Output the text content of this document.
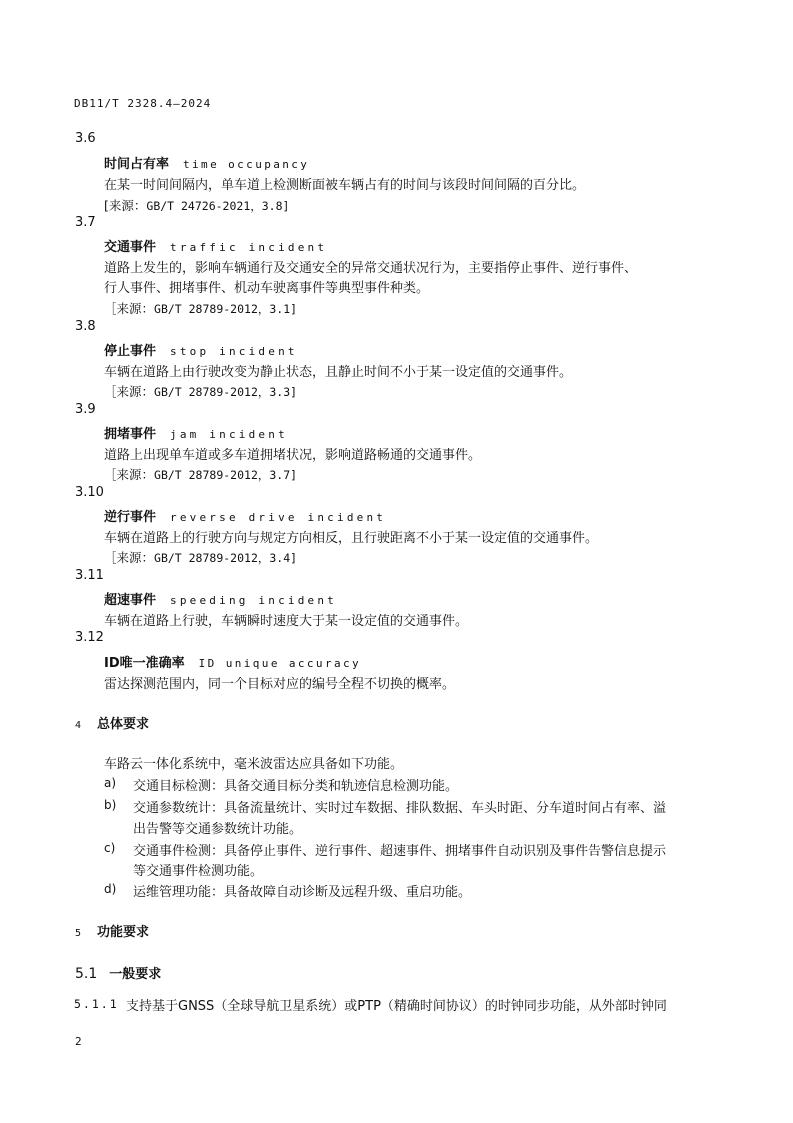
DB11/T 2328.4—2024
3.6
时间占有率 time occupancy
在某一时间间隔内，单车道上检测断面被车辆占有的时间与该段时间间隔的百分比。
[来源：GB/T 24726-2021，3.8]
3.7
交通事件 traffic incident
道路上发生的，影响车辆通行及交通安全的异常交通状况行为，主要指停止事件、逆行事件、
行人事件、拥堵事件、机动车驶离事件等典型事件种类。
［来源：GB/T 28789-2012，3.1]
3.8
停止事件 stop incident
车辆在道路上由行驶改变为静止状态，且静止时间不小于某一设定值的交通事件。
［来源：GB/T 28789-2012，3.3]
3.9
拥堵事件 jam incident
道路上出现单车道或多车道拥堵状况，影响道路畅通的交通事件。
［来源：GB/T 28789-2012，3.7]
3.10
逆行事件 reverse drive incident
车辆在道路上的行驶方向与规定方向相反，且行驶距离不小于某一设定值的交通事件。
［来源：GB/T 28789-2012，3.4]
3.11
超速事件 speeding incident
车辆在道路上行驶，车辆瞬时速度大于某一设定值的交通事件。
3.12
ID唯一准确率 ID unique accuracy
雷达探测范围内，同一个目标对应的编号全程不切换的概率。
4 总体要求
车路云一体化系统中，毫米波雷达应具备如下功能。
a) 交通目标检测：具备交通目标分类和轨迹信息检测功能。
b) 交通参数统计：具备流量统计、实时过车数据、排队数据、车头时距、分车道时间占有率、溢
出告警等交通参数统计功能。
c) 交通事件检测：具备停止事件、逆行事件、超速事件、拥堵事件自动识别及事件告警信息提示
等交通事件检测功能。
d) 运维管理功能：具备故障自动诊断及远程升级、重启功能。
5 功能要求
5.1 一般要求
5.1.1 支持基于GNSS（全球导航卫星系统）或PTP（精确时间协议）的时钟同步功能，从外部时钟同
2
